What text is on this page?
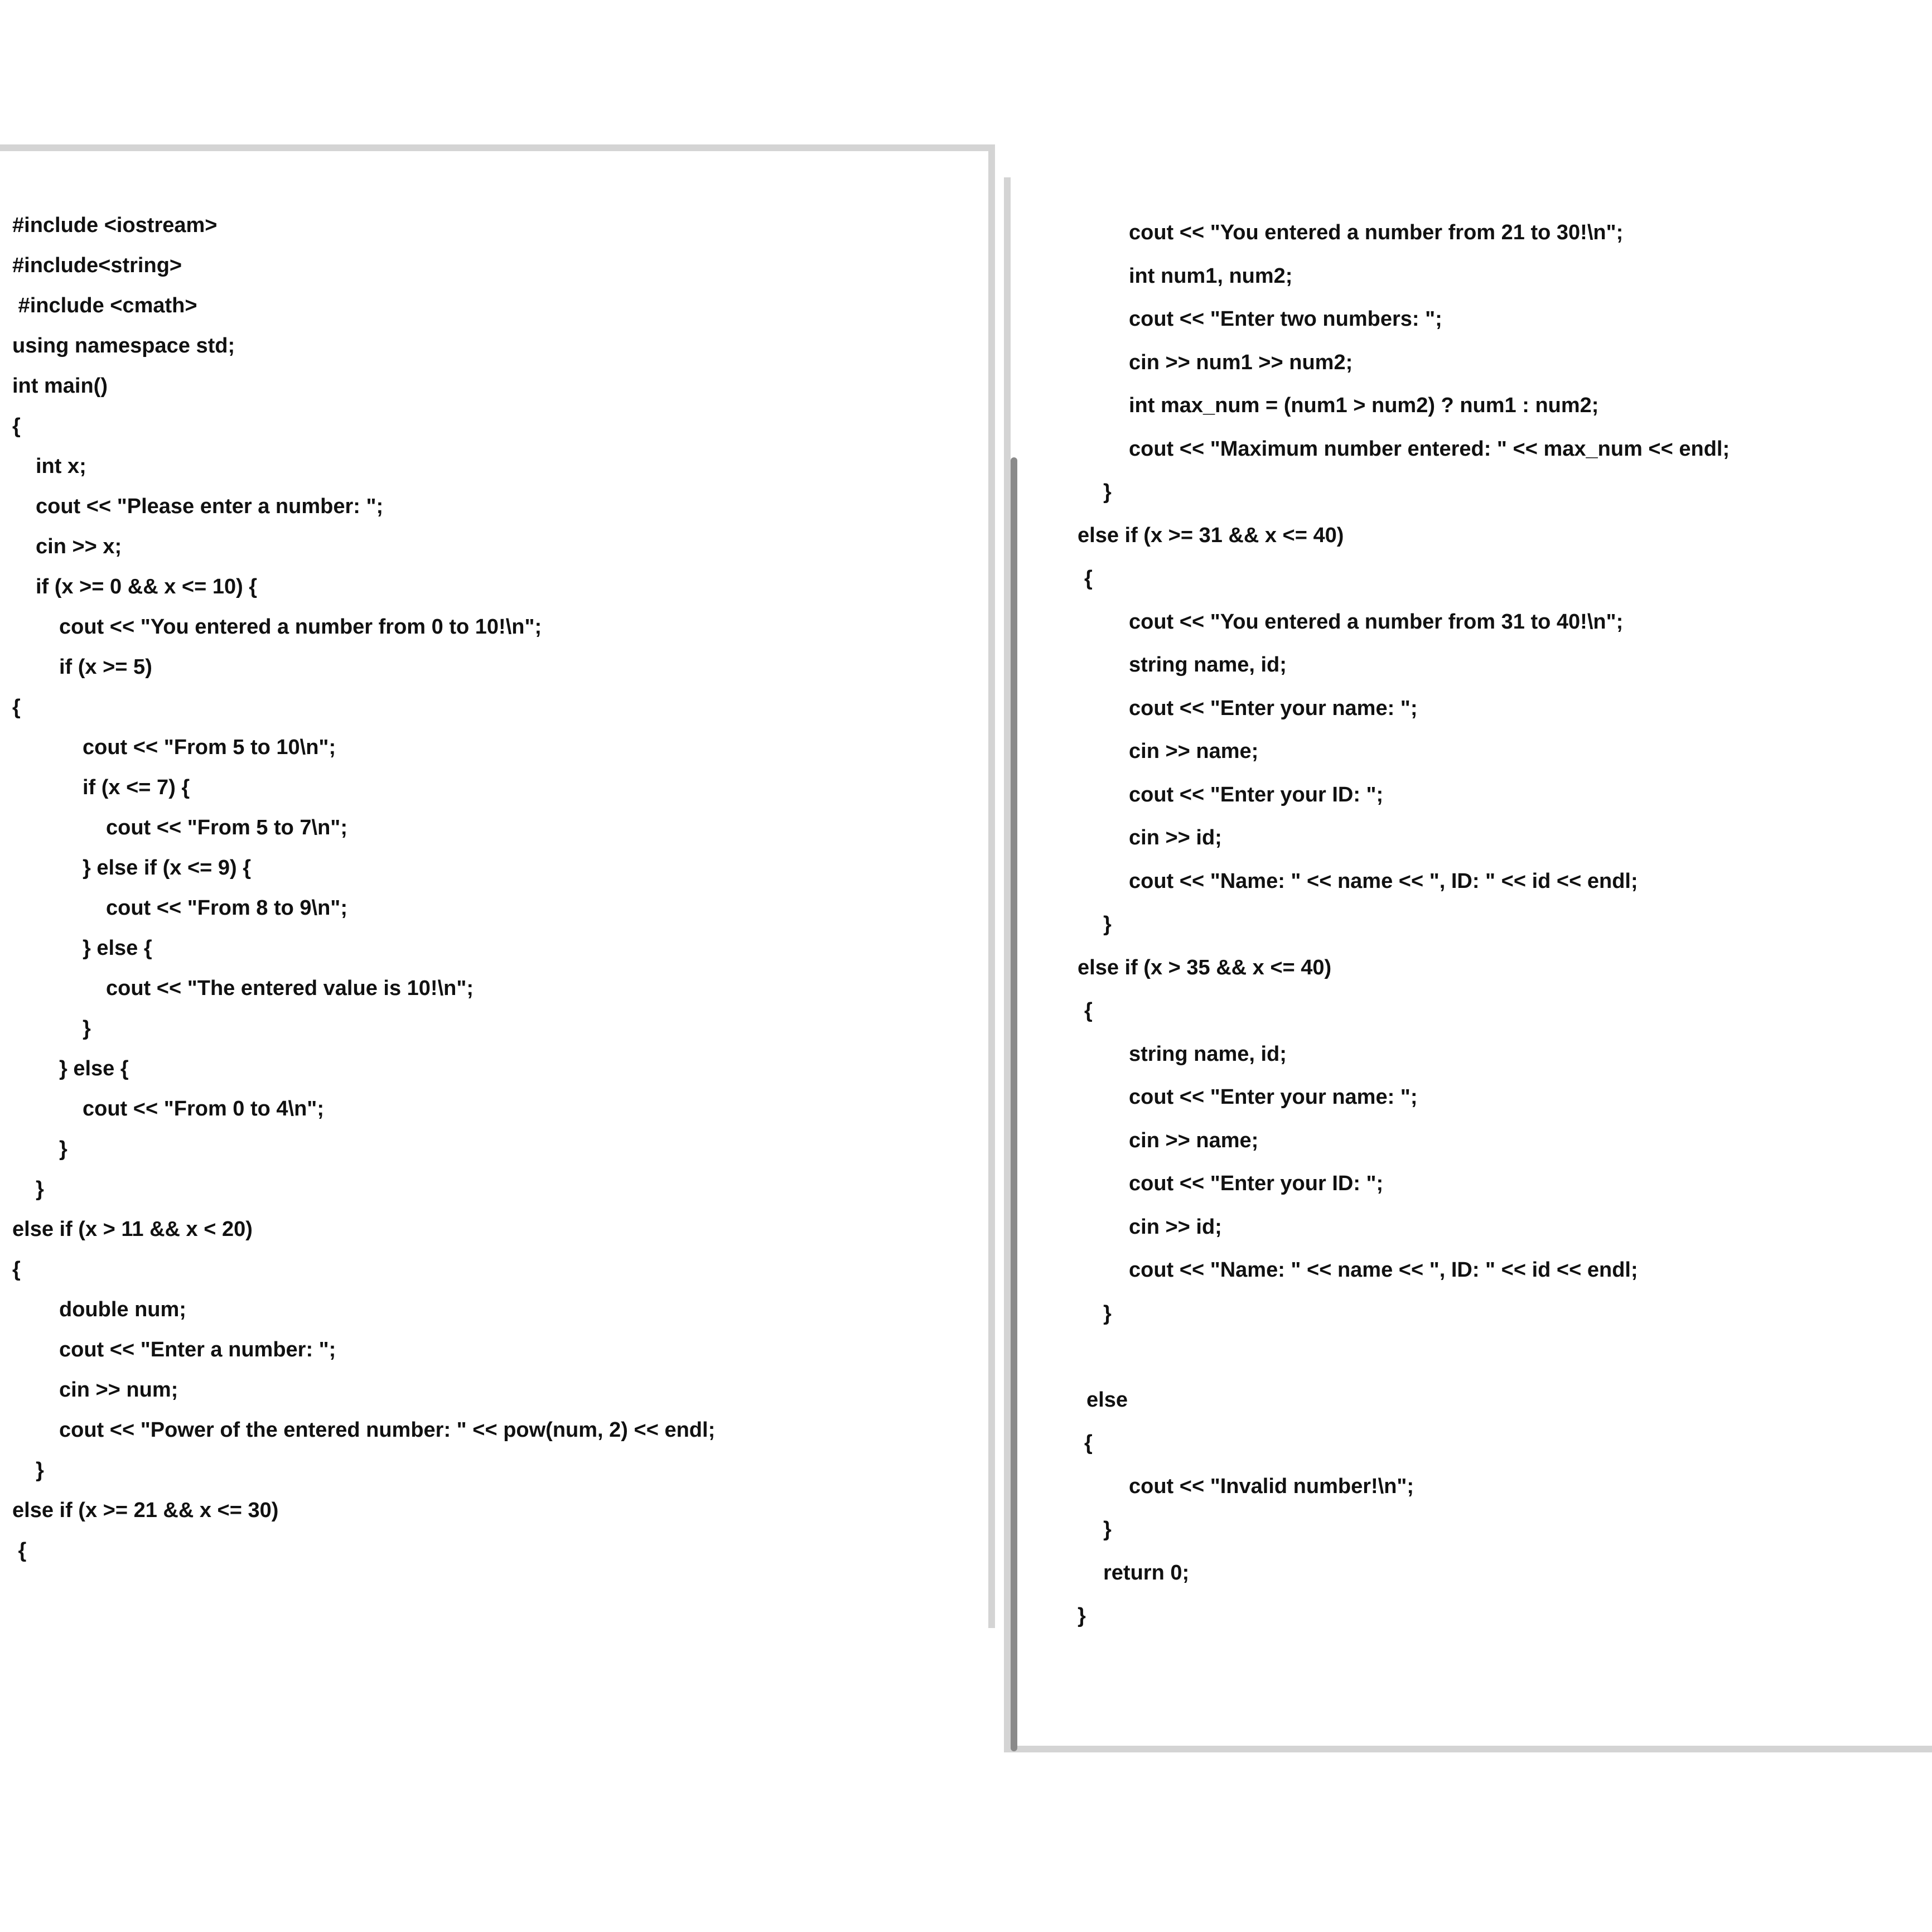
#include <iostream>
#include<string>
#include <cmath>
using namespace std;
int main()
{
int x;
cout << "Please enter a number: ";
cin >> x;
if (x >= 0 && x <= 10) {
cout << "You entered a number from 0 to 10!\n";
if (x >= 5)
{
cout << "From 5 to 10\n";
if (x <= 7) {
cout << "From 5 to 7\n";
} else if (x <= 9) {
cout << "From 8 to 9\n";
} else {
cout << "The entered value is 10!\n";
}
} else {
cout << "From 0 to 4\n";
}
}
else if (x > 11 && x < 20)
{
double num;
cout << "Enter a number: ";
cin >> num;
cout << "Power of the entered number: " << pow(num, 2) << endl;
}
else if (x >= 21 && x <= 30)
{
cout << "You entered a number from 21 to 30!\n";
int num1, num2;
cout << "Enter two numbers: ";
cin >> num1 >> num2;
int max_num = (num1 > num2) ? num1 : num2;
cout << "Maximum number entered: " << max_num << endl;
}
else if (x >= 31 && x <= 40)
{
cout << "You entered a number from 31 to 40!\n";
string name, id;
cout << "Enter your name: ";
cin >> name;
cout << "Enter your ID: ";
cin >> id;
cout << "Name: " << name << ", ID: " << id << endl;
}
else if (x > 35 && x <= 40)
{
string name, id;
cout << "Enter your name: ";
cin >> name;
cout << "Enter your ID: ";
cin >> id;
cout << "Name: " << name << ", ID: " << id << endl;
}
else
{
cout << "Invalid number!\n";
}
return 0;
}
